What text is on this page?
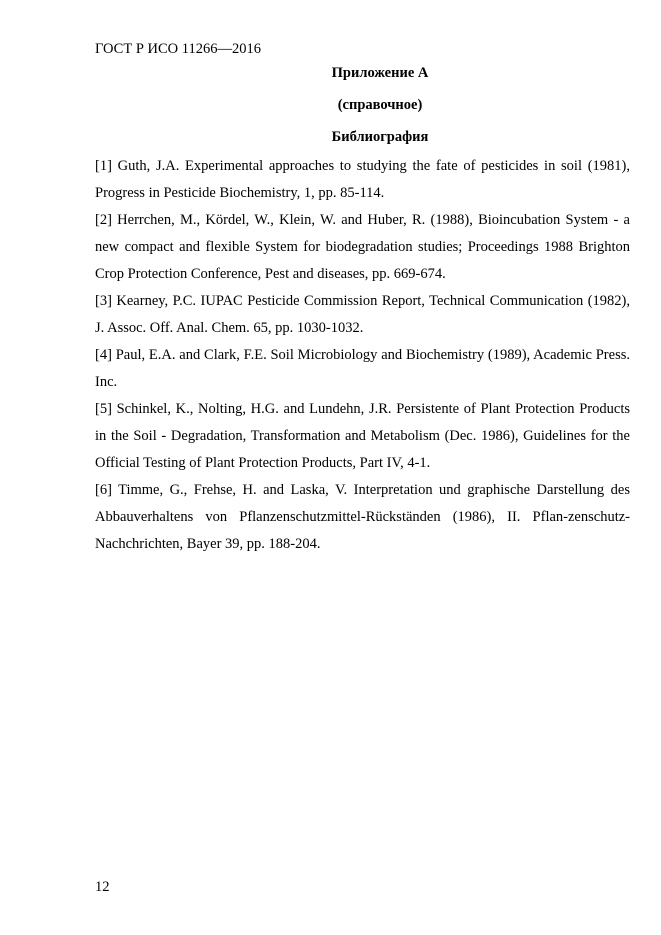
ГОСТ Р ИСО 11266—2016
Приложение А
(справочное)
Библиография
[1] Guth, J.A. Experimental approaches to studying the fate of pesticides in soil (1981), Progress in Pesticide Biochemistry, 1, pp. 85-114.
[2] Herrchen, M., Kördel, W., Klein, W. and Huber, R. (1988), Bioincubation System - a new compact and flexible System for biodegradation studies; Proceedings 1988 Brighton Crop Protection Conference, Pest and diseases, pp. 669-674.
[3] Kearney, P.C. IUPAC Pesticide Commission Report, Technical Communication (1982), J. Assoc. Off. Anal. Chem. 65, pp. 1030-1032.
[4] Paul, E.A. and Clark, F.E. Soil Microbiology and Biochemistry (1989), Academic Press. Inc.
[5] Schinkel, K., Nolting, H.G. and Lundehn, J.R. Persistente of Plant Protection Products in the Soil - Degradation, Transformation and Metabolism (Dec. 1986), Guidelines for the Official Testing of Plant Protection Products, Part IV, 4-1.
[6] Timme, G., Frehse, H. and Laska, V. Interpretation und graphische Darstellung des Abbauverhaltens von Pflanzenschutzmittel-Rückständen (1986), II. Pflan-zenschutz-Nachchrichten, Bayer 39, pp. 188-204.
12
